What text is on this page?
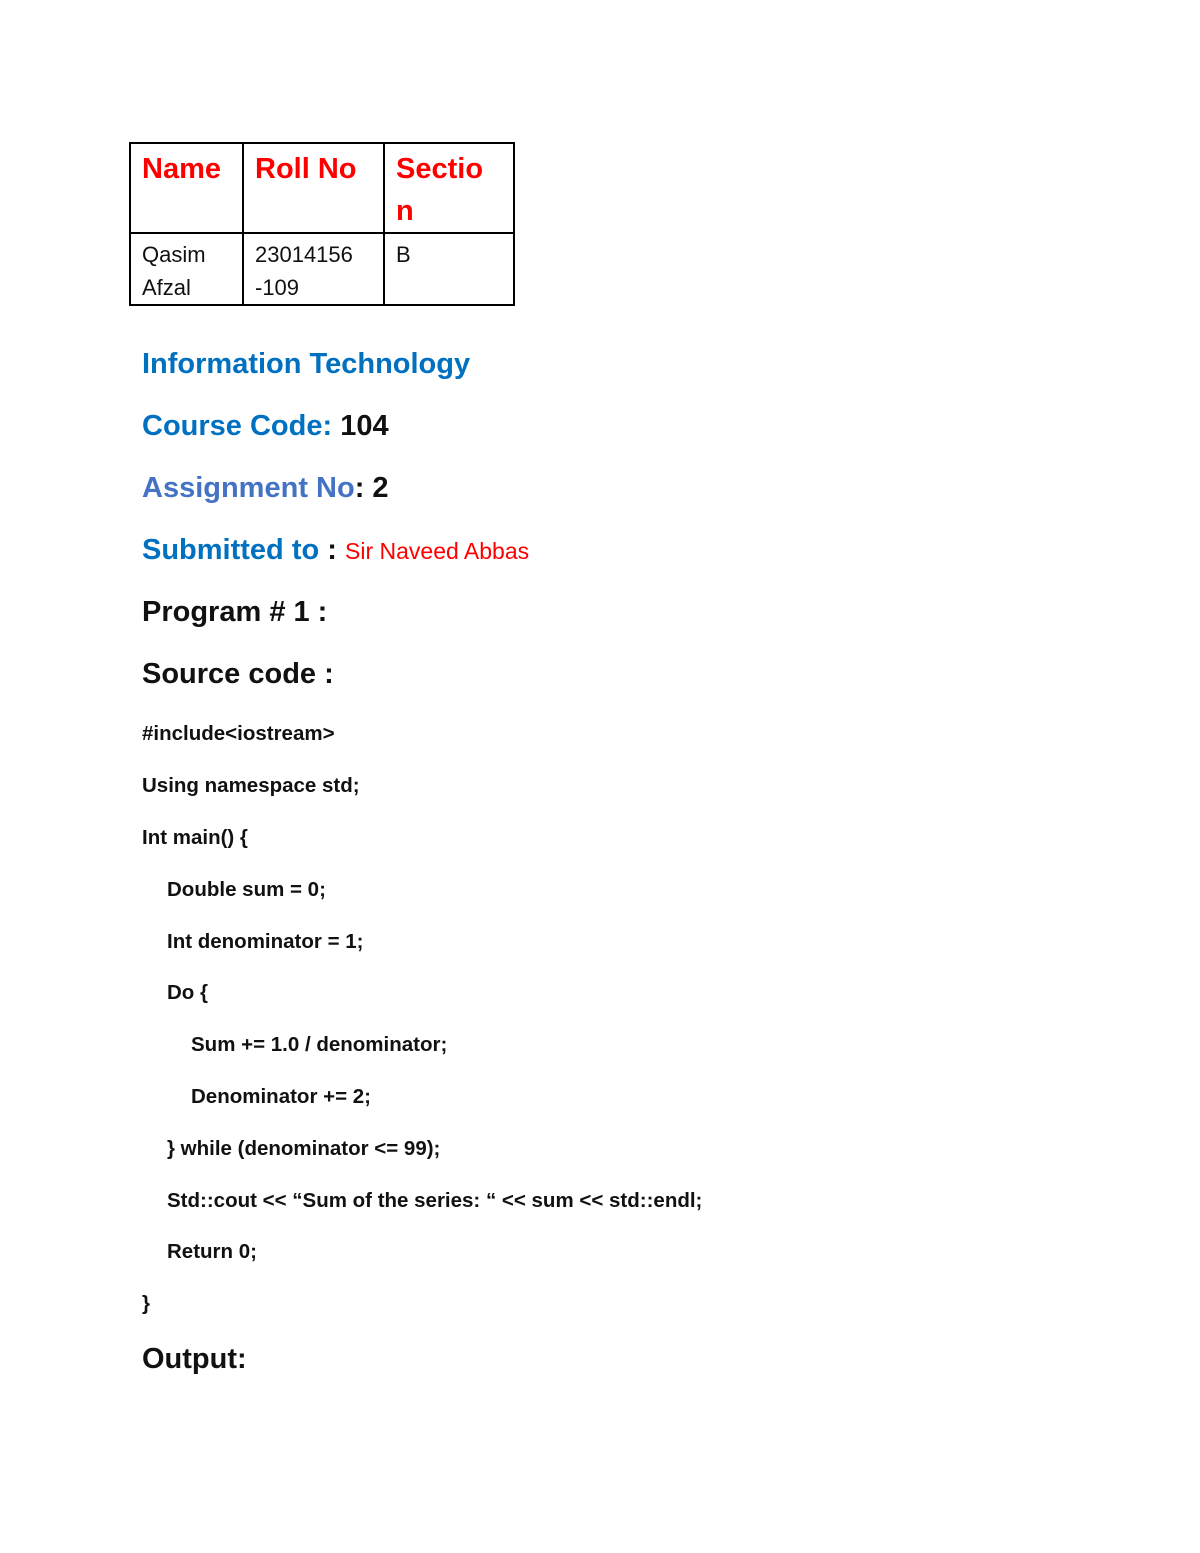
Name	Roll No	Sectio n
Qasim Afzal	23014156 -109	B
Information Technology
Course Code: 104
Assignment No: 2
Submitted to : Sir Naveed Abbas
Program # 1 :
Source code :
#include<iostream>
Using namespace std;
Int main() {
Double sum = 0;
Int denominator = 1;
Do {
Sum += 1.0 / denominator;
Denominator += 2;
} while (denominator <= 99);
Std::cout << “Sum of the series: “ << sum << std::endl;
Return 0;
}
Output:
